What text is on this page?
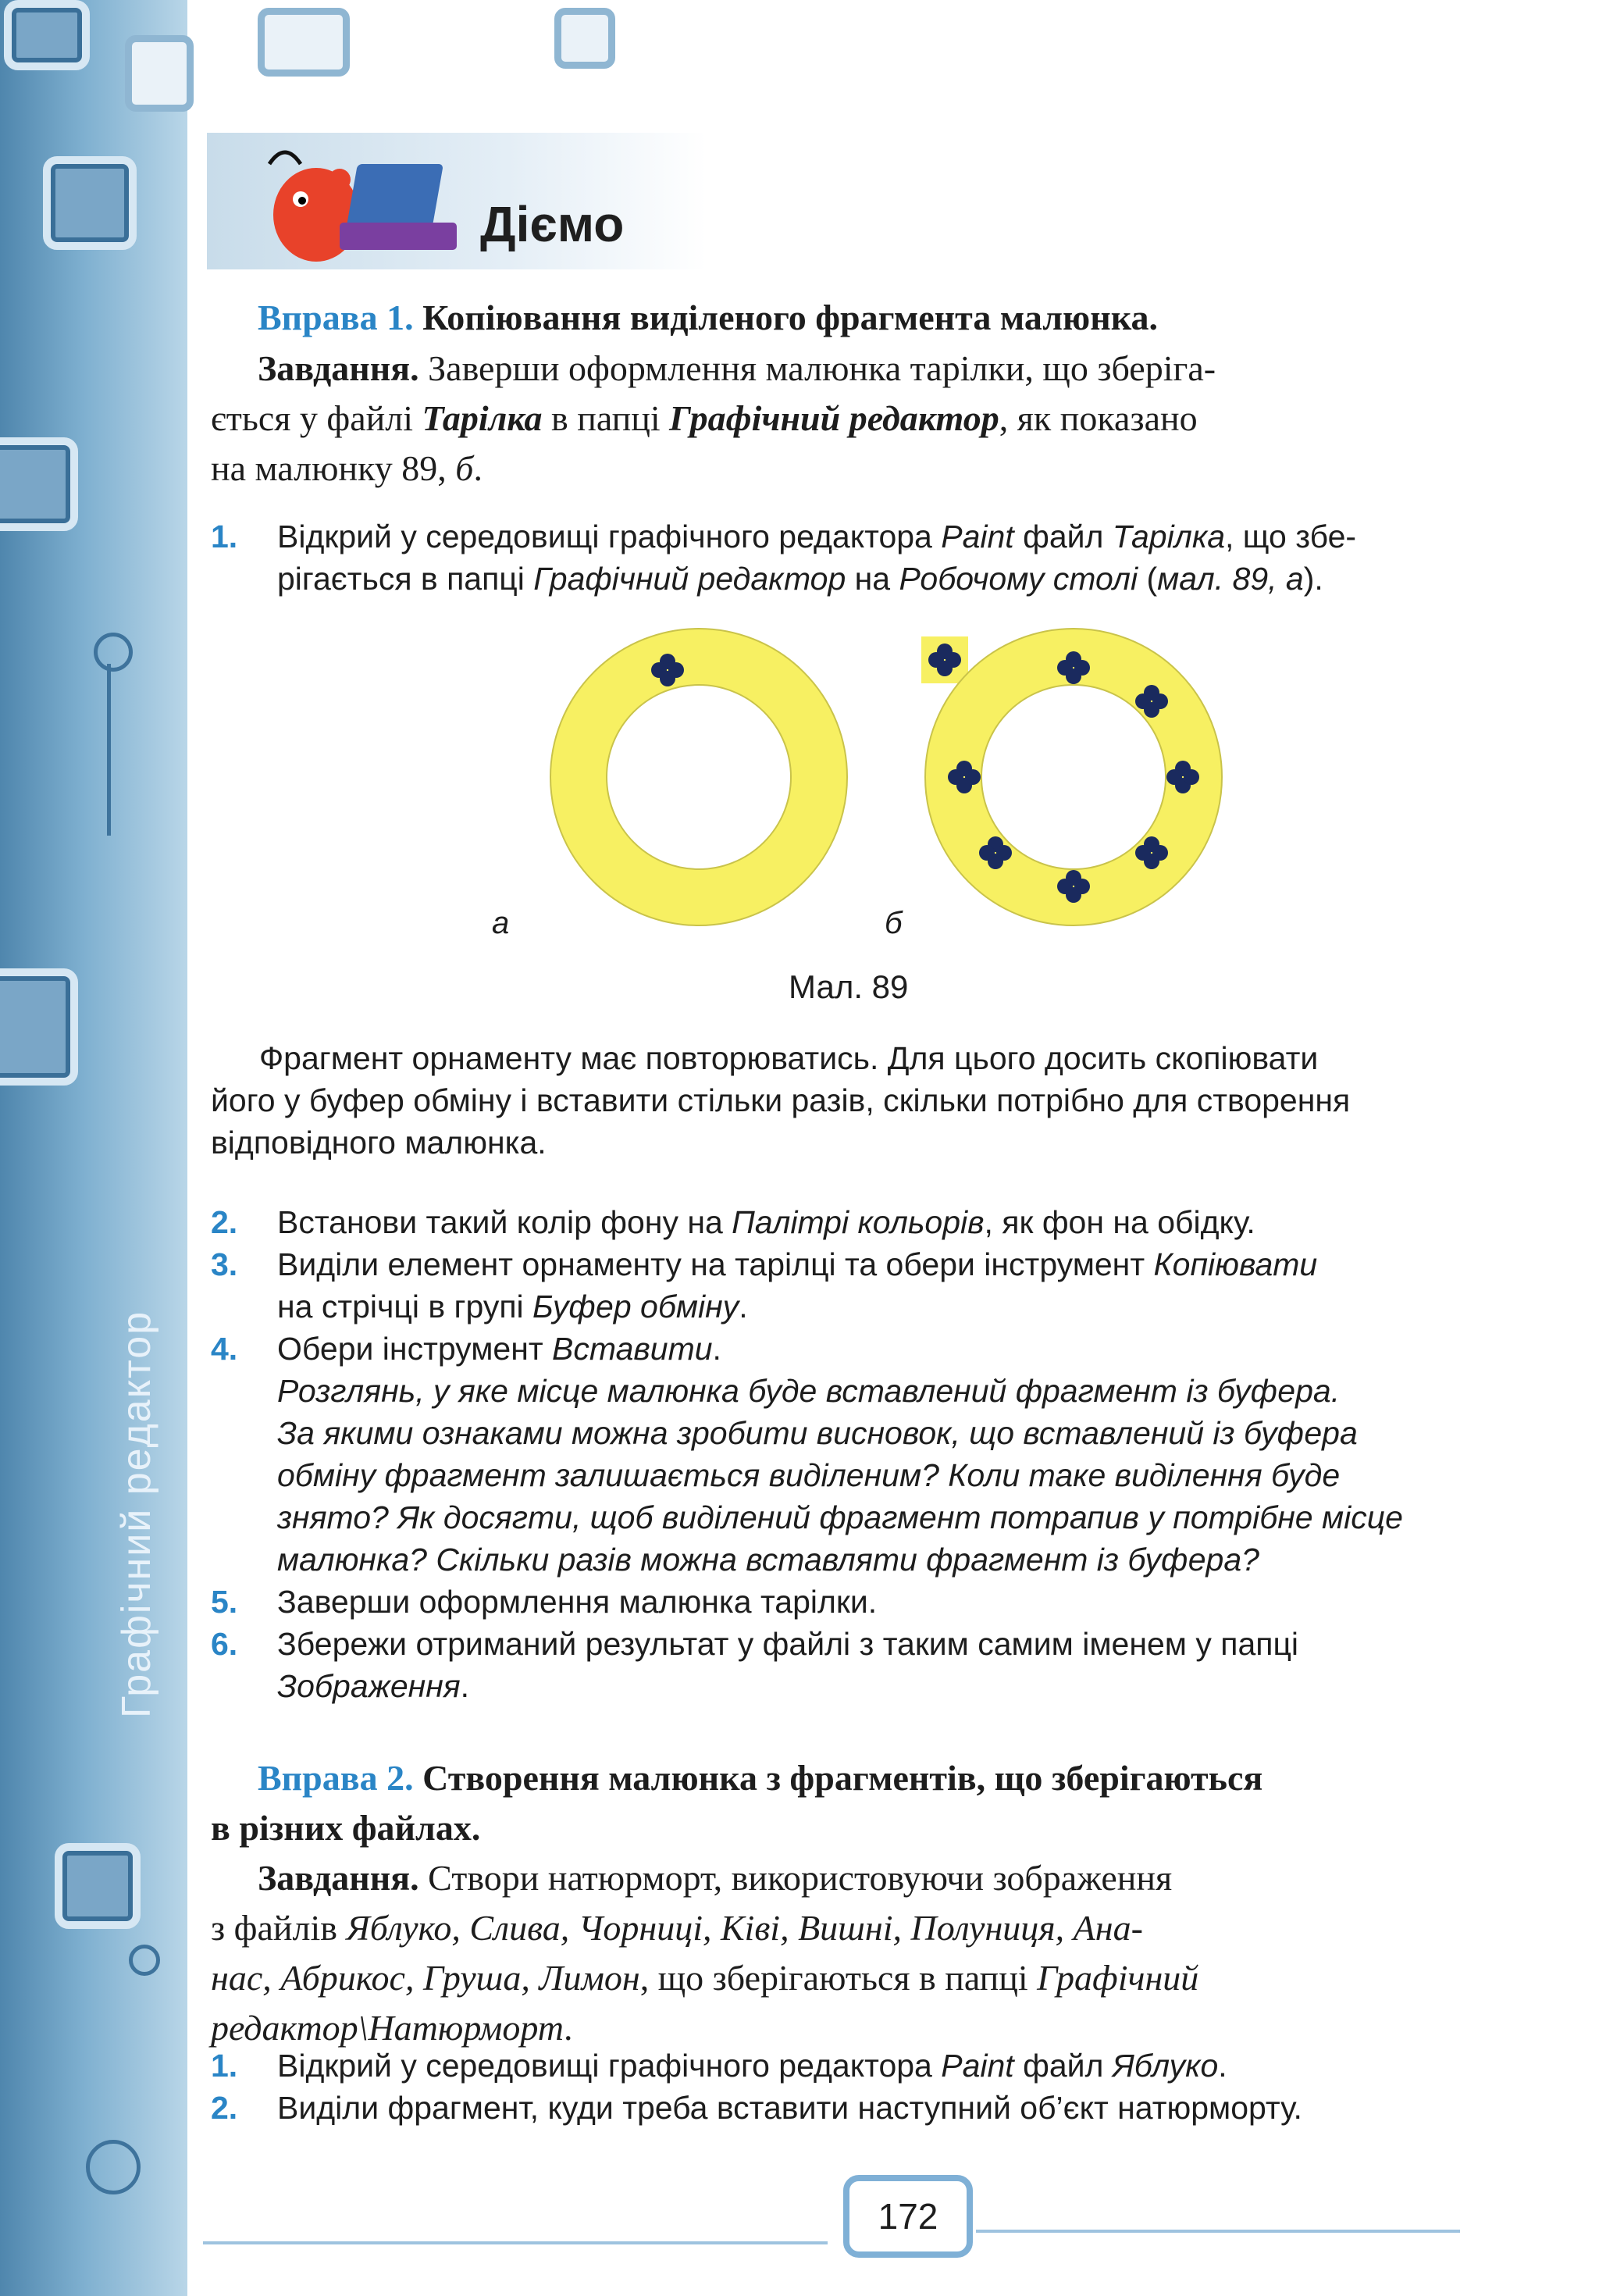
Графічний редактор
Діємо
Вправа 1. Копіювання виділеного фрагмента малюнка.
Завдання. Заверши оформлення малюнка тарілки, що зберіга-
ється у файлі Тарілка в папці Графічний редактор, як показано
на малюнку 89, б.
1. Відкрий у середовищі графічного редактора Paint файл Тарілка, що збе-
рігається в папці Графічний редактор на Робочому столі (мал. 89, а).
а	б
Мал. 89
Фрагмент орнаменту має повторюватись. Для цього досить скопіювати
його у буфер обміну і вставити стільки разів, скільки потрібно для створення
відповідного малюнка.
2. Встанови такий колір фону на Палітрі кольорів, як фон на обідку.
3. Виділи елемент орнаменту на тарілці та обери інструмент Копіювати
на стрічці в групі Буфер обміну.
4. Обери інструмент Вставити.
Розглянь, у яке місце малюнка буде вставлений фрагмент із буфера.
За якими ознаками можна зробити висновок, що вставлений із буфера
обміну фрагмент залишається виділеним? Коли таке виділення буде
знято? Як досягти, щоб виділений фрагмент потрапив у потрібне місце
малюнка? Скільки разів можна вставляти фрагмент із буфера?
5. Заверши оформлення малюнка тарілки.
6. Збережи отриманий результат у файлі з таким самим іменем у папці
Зображення.
Вправа 2. Створення малюнка з фрагментів, що зберігаються
в різних файлах.
Завдання. Створи натюрморт, використовуючи зображення
з файлів Яблуко, Слива, Чорниці, Ківі, Вишні, Полуниця, Ана-
нас, Абрикос, Груша, Лимон, що зберігаються в папці Графічний
редактор\Натюрморт.
1. Відкрий у середовищі графічного редактора Paint файл Яблуко.
2. Виділи фрагмент, куди треба вставити наступний об’єкт натюрморту.
172
